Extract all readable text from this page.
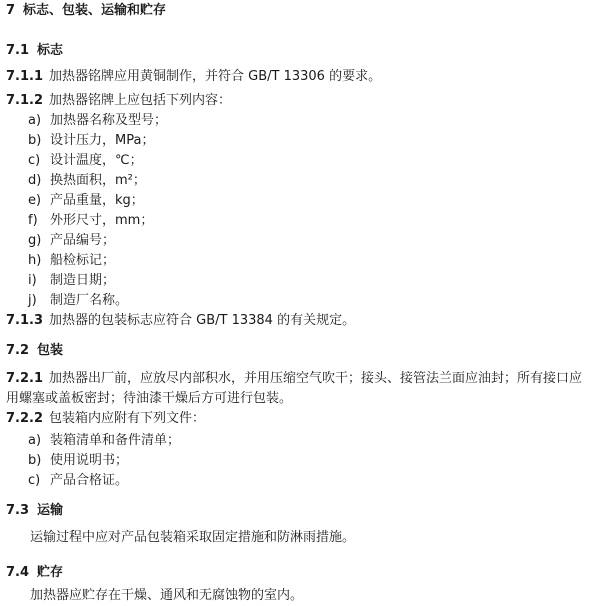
7 标志、包装、运输和贮存
7.1 标志
7.1.1 加热器铭牌应用黄铜制作，并符合 GB/T 13306 的要求。
7.1.2 加热器铭牌上应包括下列内容：
a) 加热器名称及型号；
b) 设计压力，MPa；
c) 设计温度，℃；
d) 换热面积，m²；
e) 产品重量，kg；
f) 外形尺寸，mm；
g) 产品编号；
h) 船检标记；
i) 制造日期；
j) 制造厂名称。
7.1.3 加热器的包装标志应符合 GB/T 13384 的有关规定。
7.2 包装
7.2.1 加热器出厂前，应放尽内部积水，并用压缩空气吹干；接头、接管法兰面应油封；所有接口应
用螺塞或盖板密封；待油漆干燥后方可进行包装。
7.2.2 包装箱内应附有下列文件：
a) 装箱清单和备件清单；
b) 使用说明书；
c) 产品合格证。
7.3 运输
运输过程中应对产品包装箱采取固定措施和防淋雨措施。
7.4 贮存
加热器应贮存在干燥、通风和无腐蚀物的室内。
